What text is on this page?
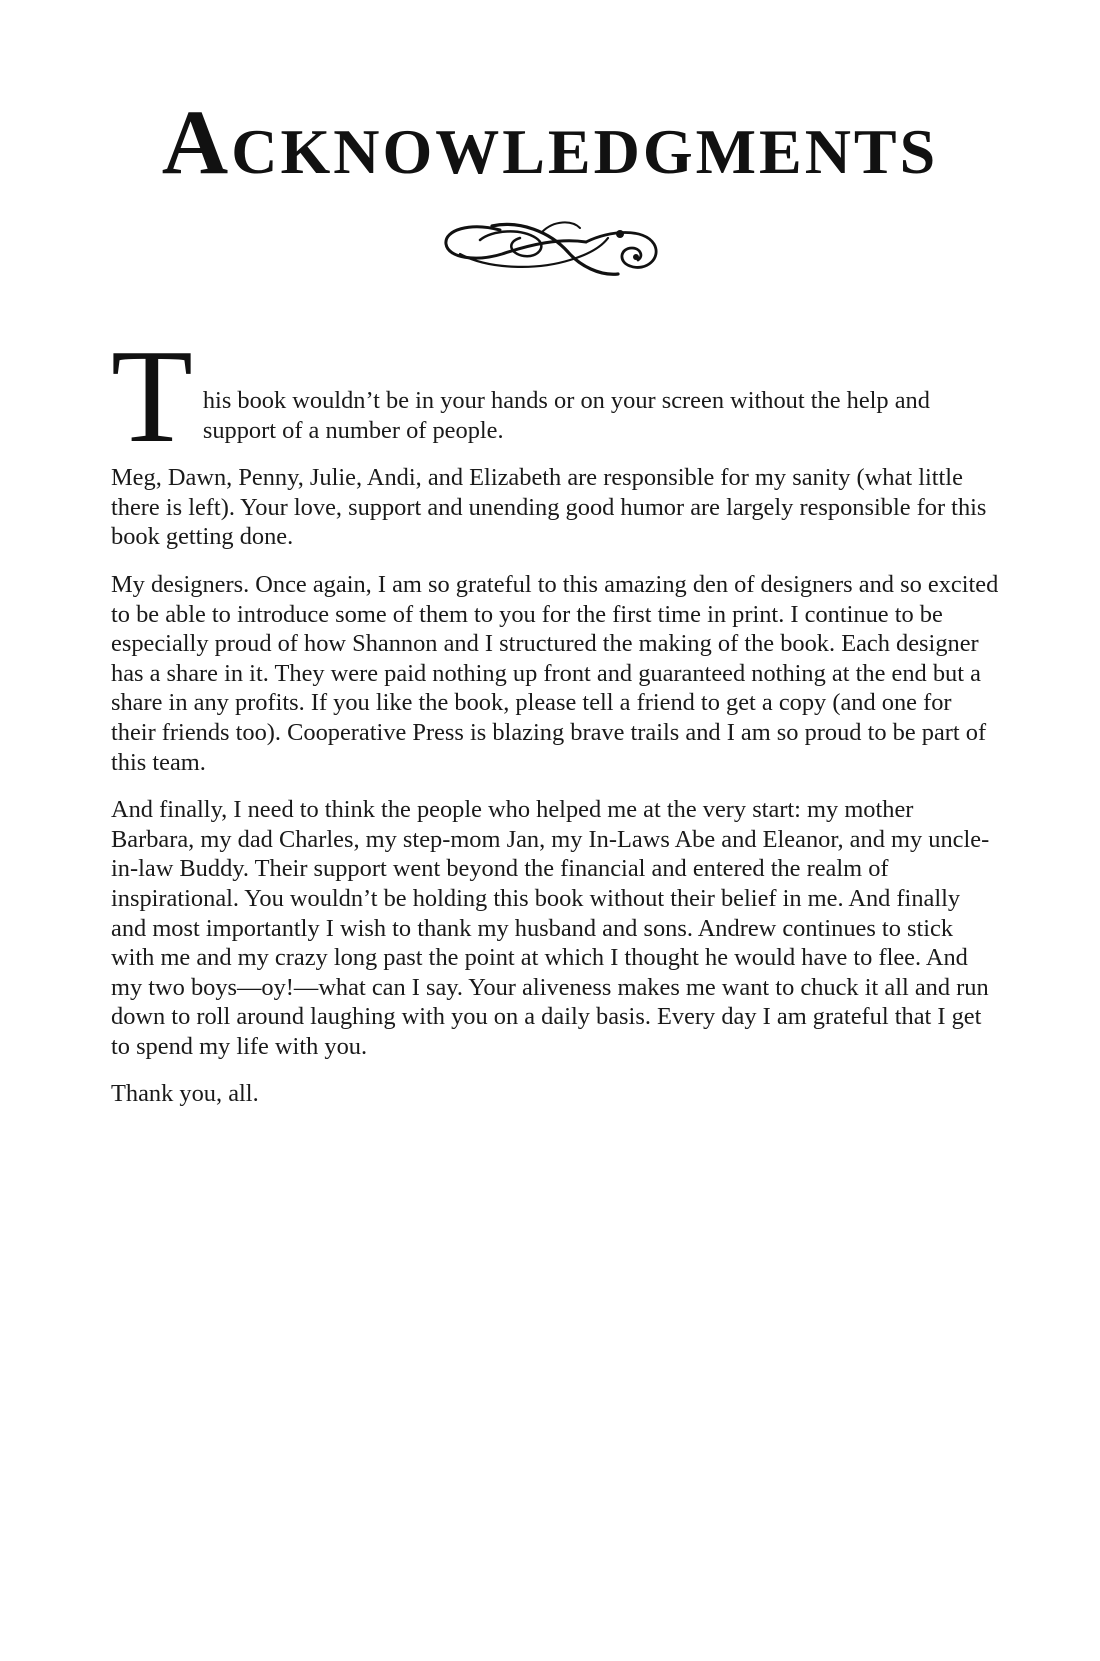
Acknowledgments
T his book wouldn’t be in your hands or on your screen without the help and support of a number of people.

Meg, Dawn, Penny, Julie, Andi, and Elizabeth are responsible for my sanity (what little there is left). Your love, support and unending good humor are largely responsible for this book getting done.

My designers. Once again, I am so grateful to this amazing den of designers and so excited to be able to introduce some of them to you for the first time in print. I continue to be especially proud of how Shannon and I structured the making of the book. Each designer has a share in it. They were paid nothing up front and guaranteed nothing at the end but a share in any profits. If you like the book, please tell a friend to get a copy (and one for their friends too). Cooperative Press is blazing brave trails and I am so proud to be part of this team.

And finally, I need to think the people who helped me at the very start: my mother Barbara, my dad Charles, my step-mom Jan, my In-Laws Abe and Eleanor, and my uncle-in-law Buddy. Their support went beyond the financial and entered the realm of inspirational. You wouldn’t be holding this book without their belief in me. And finally and most importantly I wish to thank my husband and sons. Andrew continues to stick with me and my crazy long past the point at which I thought he would have to flee. And my two boys—oy!—what can I say. Your aliveness makes me want to chuck it all and run down to roll around laughing with you on a daily basis. Every day I am grateful that I get to spend my life with you.

Thank you, all.
